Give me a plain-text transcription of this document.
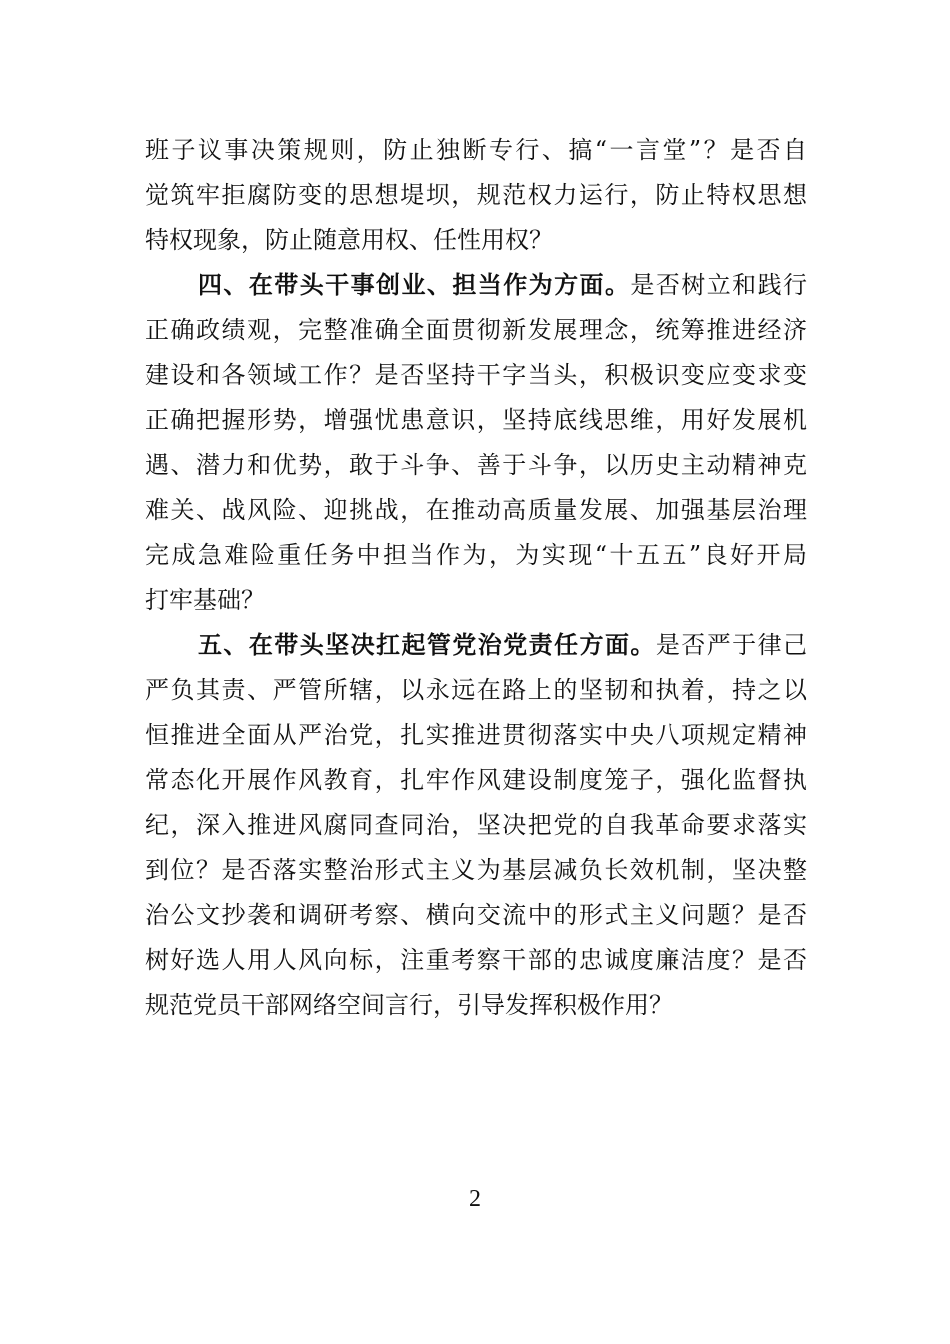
班子议事决策规则，防止独断专行、搞“一言堂”？是否自
觉筑牢拒腐防变的思想堤坝，规范权力运行，防止特权思想
特权现象，防止随意用权、任性用权？
四、在带头干事创业、担当作为方面。是否树立和践行
正确政绩观，完整准确全面贯彻新发展理念，统筹推进经济
建设和各领域工作？是否坚持干字当头，积极识变应变求变
正确把握形势，增强忧患意识，坚持底线思维，用好发展机
遇、潜力和优势，敢于斗争、善于斗争，以历史主动精神克
难关、战风险、迎挑战，在推动高质量发展、加强基层治理
完成急难险重任务中担当作为，为实现“十五五”良好开局
打牢基础？
五、在带头坚决扛起管党治党责任方面。是否严于律己
严负其责、严管所辖，以永远在路上的坚韧和执着，持之以
恒推进全面从严治党，扎实推进贯彻落实中央八项规定精神
常态化开展作风教育，扎牢作风建设制度笼子，强化监督执
纪，深入推进风腐同查同治，坚决把党的自我革命要求落实
到位？是否落实整治形式主义为基层减负长效机制，坚决整
治公文抄袭和调研考察、横向交流中的形式主义问题？是否
树好选人用人风向标，注重考察干部的忠诚度廉洁度？是否
规范党员干部网络空间言行，引导发挥积极作用？
2
